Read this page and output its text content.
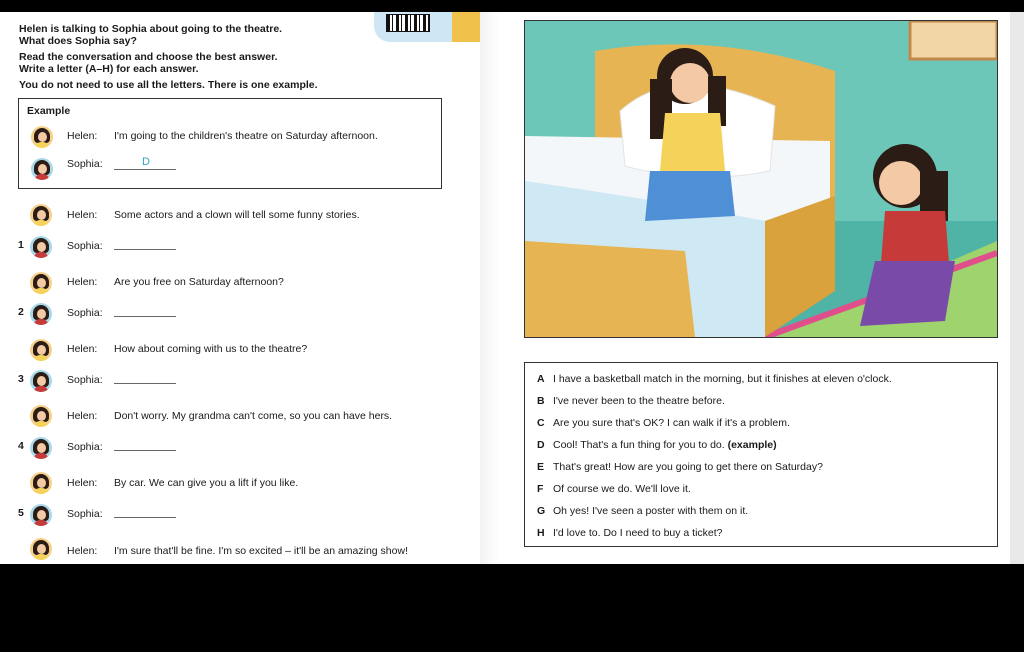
Helen is talking to Sophia about going to the theatre.
What does Sophia say?
Read the conversation and choose the best answer.
Write a letter (A–H) for each answer.
You do not need to use all the letters. There is one example.
Example
Helen: I'm going to the children's theatre on Saturday afternoon.
Sophia:	D
Helen: Some actors and a clown will tell some funny stories.
1	Sophia:
Helen: Are you free on Saturday afternoon?
2	Sophia:
Helen: How about coming with us to the theatre?
3	Sophia:
Helen: Don't worry. My grandma can't come, so you can have hers.
4	Sophia:
Helen: By car. We can give you a lift if you like.
5	Sophia:
Helen: I'm sure that'll be fine. I'm so excited – it'll be an amazing show!
A I have a basketball match in the morning, but it finishes at eleven o'clock.
B I've never been to the theatre before.
C Are you sure that's OK? I can walk if it's a problem.
D Cool! That's a fun thing for you to do. (example)
E That's great! How are you going to get there on Saturday?
F Of course we do. We'll love it.
G Oh yes! I've seen a poster with them on it.
H I'd love to. Do I need to buy a ticket?
